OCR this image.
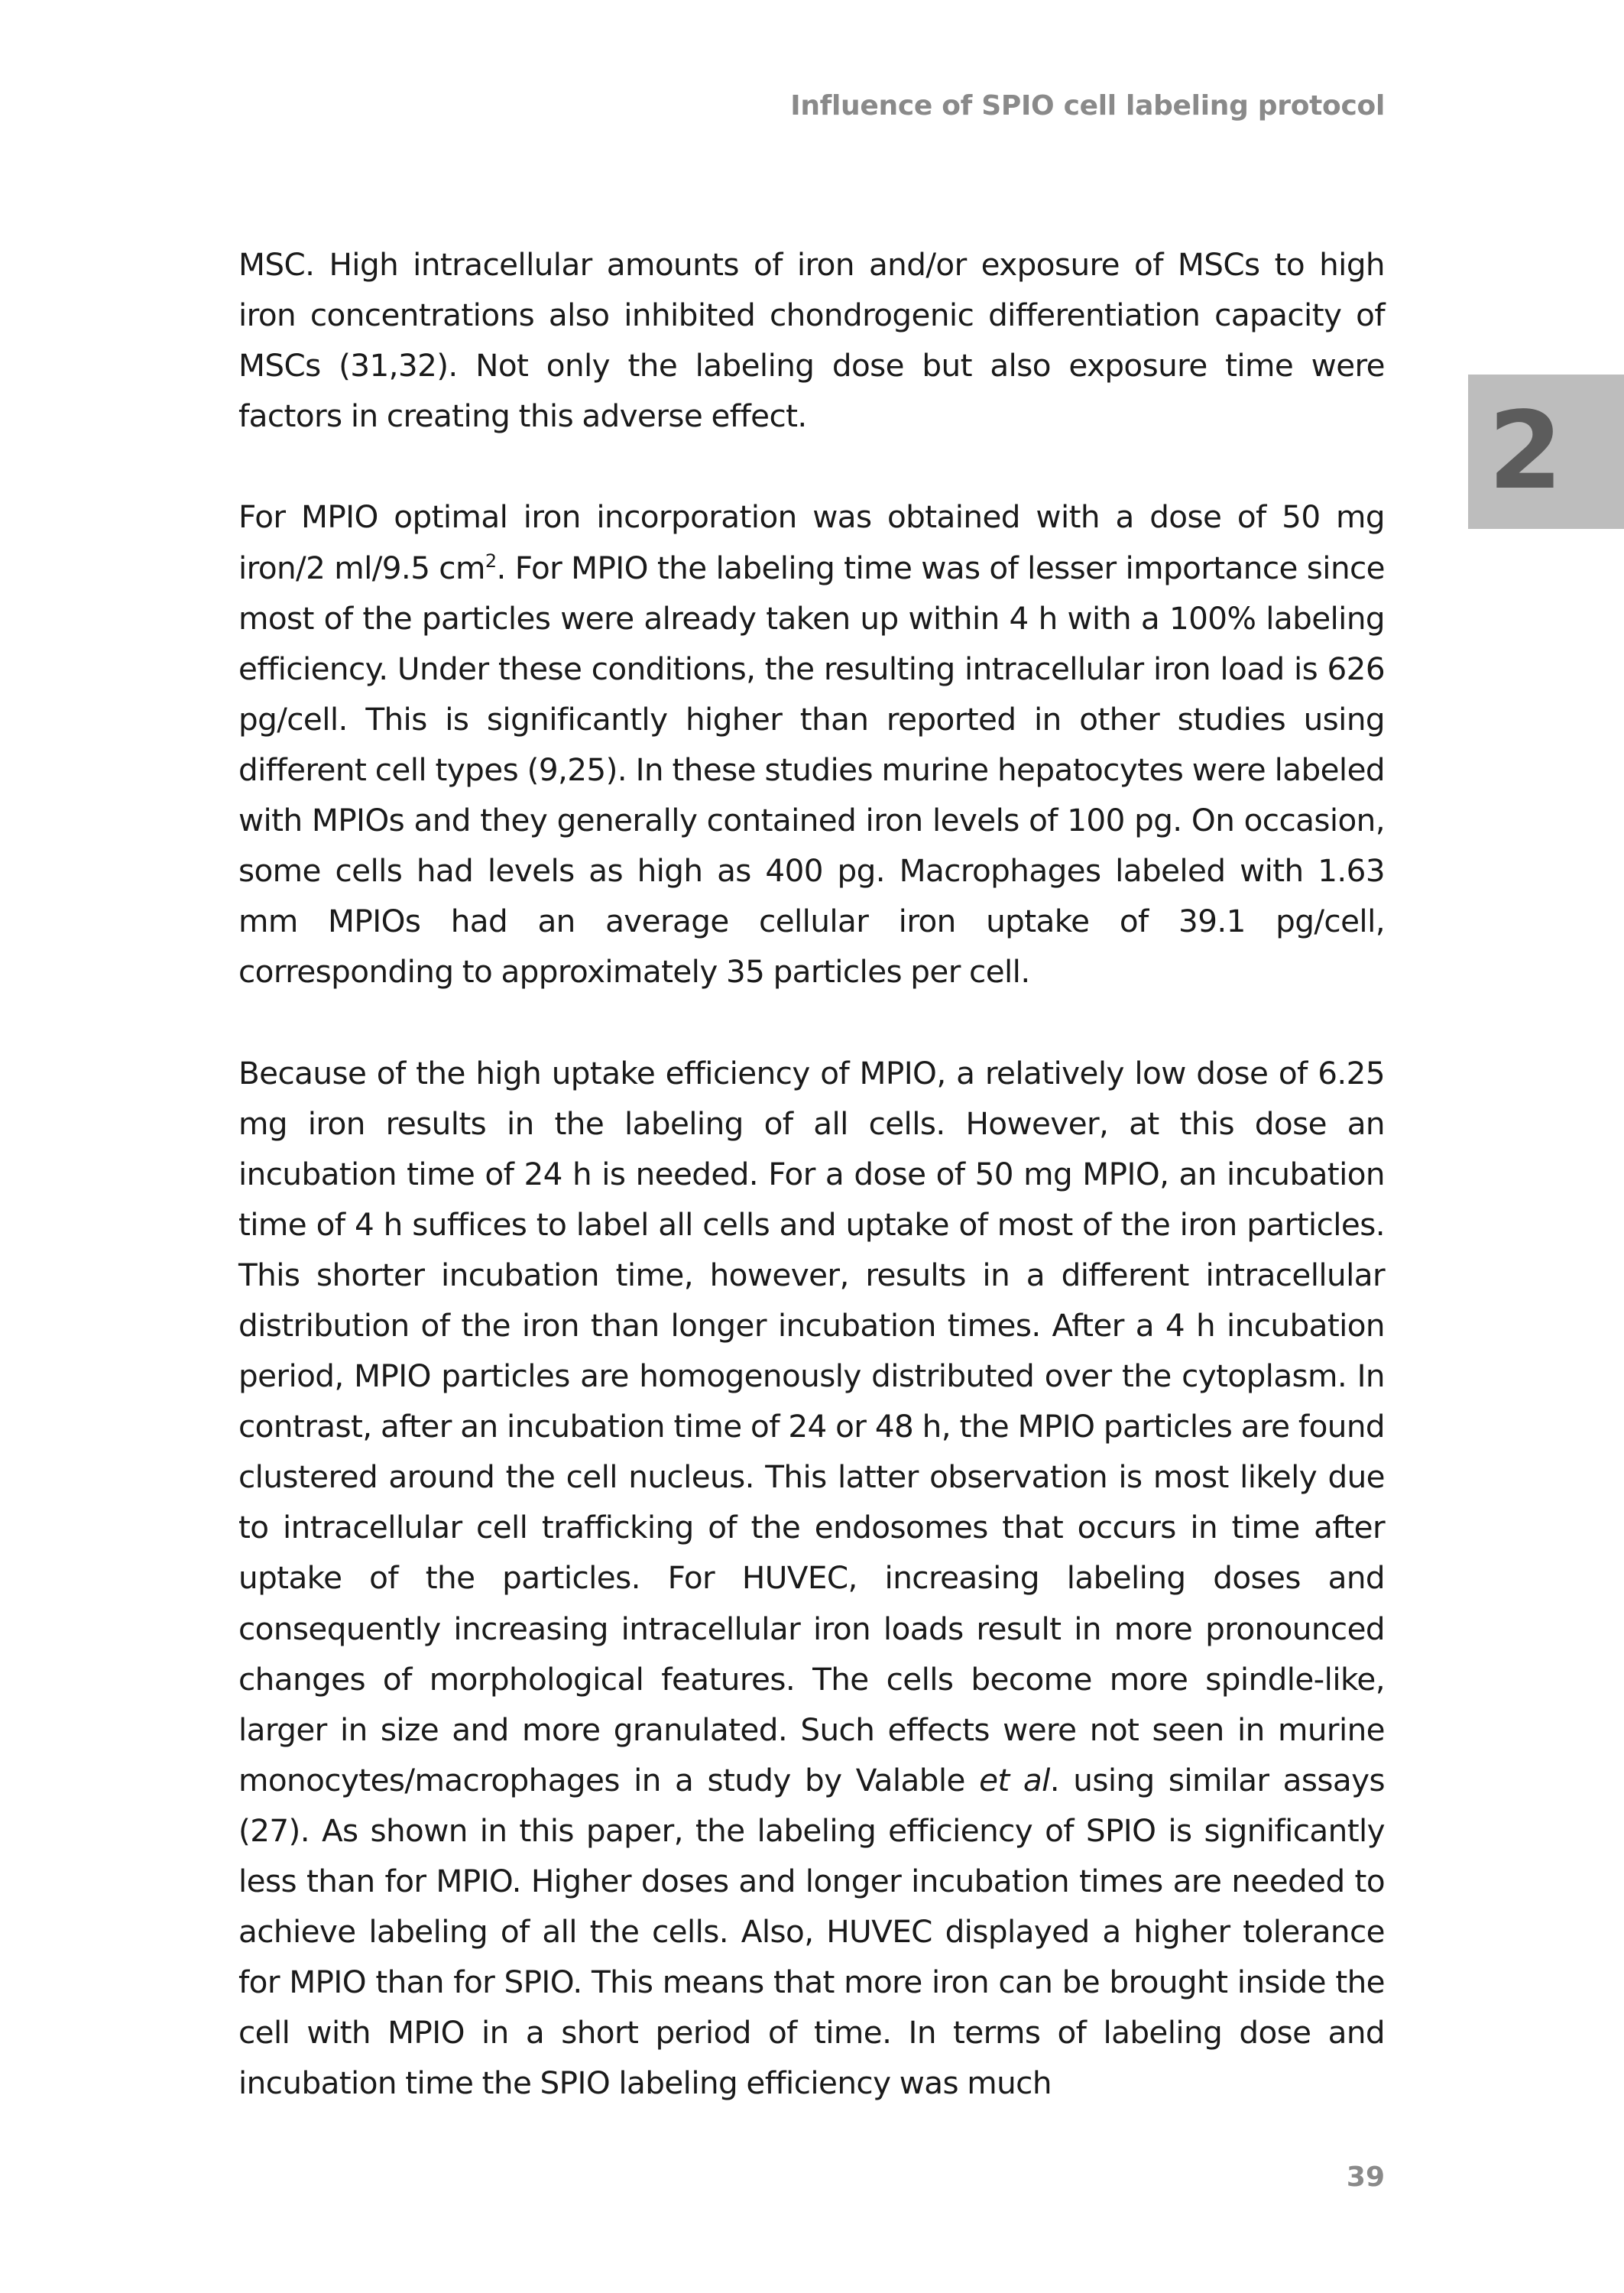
Influence of SPIO cell labeling protocol
2

MSC. High intracellular amounts of iron and/or exposure of MSCs to high iron concentrations also inhibited chondrogenic differentiation capacity of MSCs (31,32). Not only the labeling dose but also exposure time were factors in creating this adverse effect.

For MPIO optimal iron incorporation was obtained with a dose of 50 mg iron/2 ml/9.5 $cm^2$. For MPIO the labeling time was of lesser importance since most of the particles were already taken up within 4 h with a 100% labeling efficiency. Under these conditions, the resulting intracellular iron load is 626 pg/cell. This is significantly higher than reported in other studies using different cell types (9,25). In these studies murine hepatocytes were labeled with MPIOs and they generally contained iron levels of 100 pg. On occasion, some cells had levels as high as 400 pg. Macrophages labeled with 1.63 mm MPIOs had an average cellular iron uptake of 39.1 pg/cell, corresponding to approximately 35 particles per cell.

Because of the high uptake efficiency of MPIO, a relatively low dose of 6.25 mg iron results in the labeling of all cells. However, at this dose an incubation time of 24 h is needed. For a dose of 50 mg MPIO, an incubation time of 4 h suffices to label all cells and uptake of most of the iron particles. This shorter incubation time, however, results in a different intracellular distribution of the iron than longer incubation times. After a 4 h incubation period, MPIO particles are homogenously distributed over the cytoplasm. In contrast, after an incubation time of 24 or 48 h, the MPIO particles are found clustered around the cell nucleus. This latter observation is most likely due to intracellular cell trafficking of the endosomes that occurs in time after uptake of the particles. For HUVEC, increasing labeling doses and consequently increasing intracellular iron loads result in more pronounced changes of morphological features. The cells become more spindle-like, larger in size and more granulated. Such effects were not seen in murine monocytes/macrophages in a study by Valable et al. using similar assays (27). As shown in this paper, the labeling efficiency of SPIO is significantly less than for MPIO. Higher doses and longer incubation times are needed to achieve labeling of all the cells. Also, HUVEC displayed a higher tolerance for MPIO than for SPIO. This means that more iron can be brought inside the cell with MPIO in a short period of time. In terms of labeling dose and incubation time the SPIO labeling efficiency was much

39
